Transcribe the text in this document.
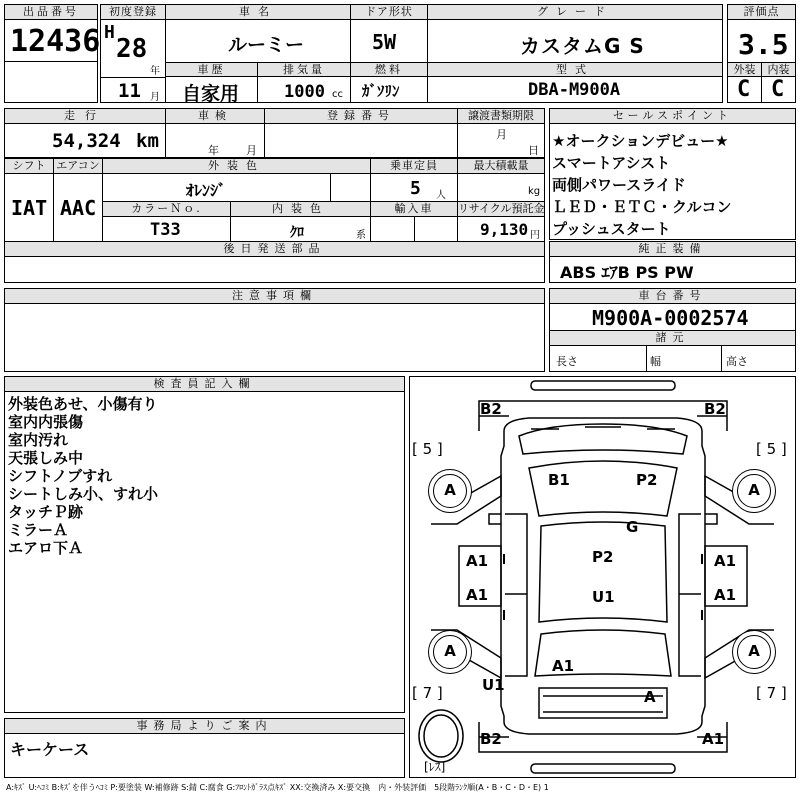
出品番号
12436
初度登録
H
28
年
11 月
車名
ルーミー
車歴
自家用
排気量
1000 cc
ドア形状
5W
燃料
ｶﾞｿﾘﾝ
グレード
カスタムG S
型式
DBA-M900A
評価点
3.5
外装	内装
C C
走行
54,324 km
車検
年 月
登録番号	譲渡書類期限
月
日
セールスポイント
★オークションデビュー★
スマートアシスト
両側パワースライド
ＬＥＤ・ＥＴＣ・クルコン
プッシュスタート
シフト
IAT
エアコン
AAC
外装色
ｵﾚﾝｼﾞ
乗車定員
5 人
最大積載量
kg
カラーＮｏ.
T33
内装色
ｸﾛ	系
輸入車	リサイクル預託金
9,130 円
後日発送部品	純正装備
ABS ｴｱB PS PW
注意事項欄	車台番号
M900A-0002574
諸元
長さ	幅	高さ
検査員記入欄
外装色あせ、小傷有り
室内内張傷
室内汚れ
天張しみ中
シフトノブすれ
シートしみ小、すれ小
タッチＰ跡
ミラーＡ
エアロ下Ａ
事務局よりご案内
キーケース
A	A
A	A
[ 5 ]	[ 5 ]
[ 7 ]	[ 7 ]
[ﾚｽ]
B2	B2
B1	P2
G
P2
U1
A1	A1
A1	A1
A1
U1
A
B2	A1
A:ｷｽﾞ U:ﾍｺﾐ B:ｷｽﾞを伴うﾍｺﾐ P:要塗装 W:補修跡 S:錆 C:腐食 G:ﾌﾛﾝﾄｶﾞﾗｽ点ｷｽﾞ XX:交換済み X:要交換　内・外装評価　5段階ﾗﾝｸ順(A・B・C・D・E) 1
